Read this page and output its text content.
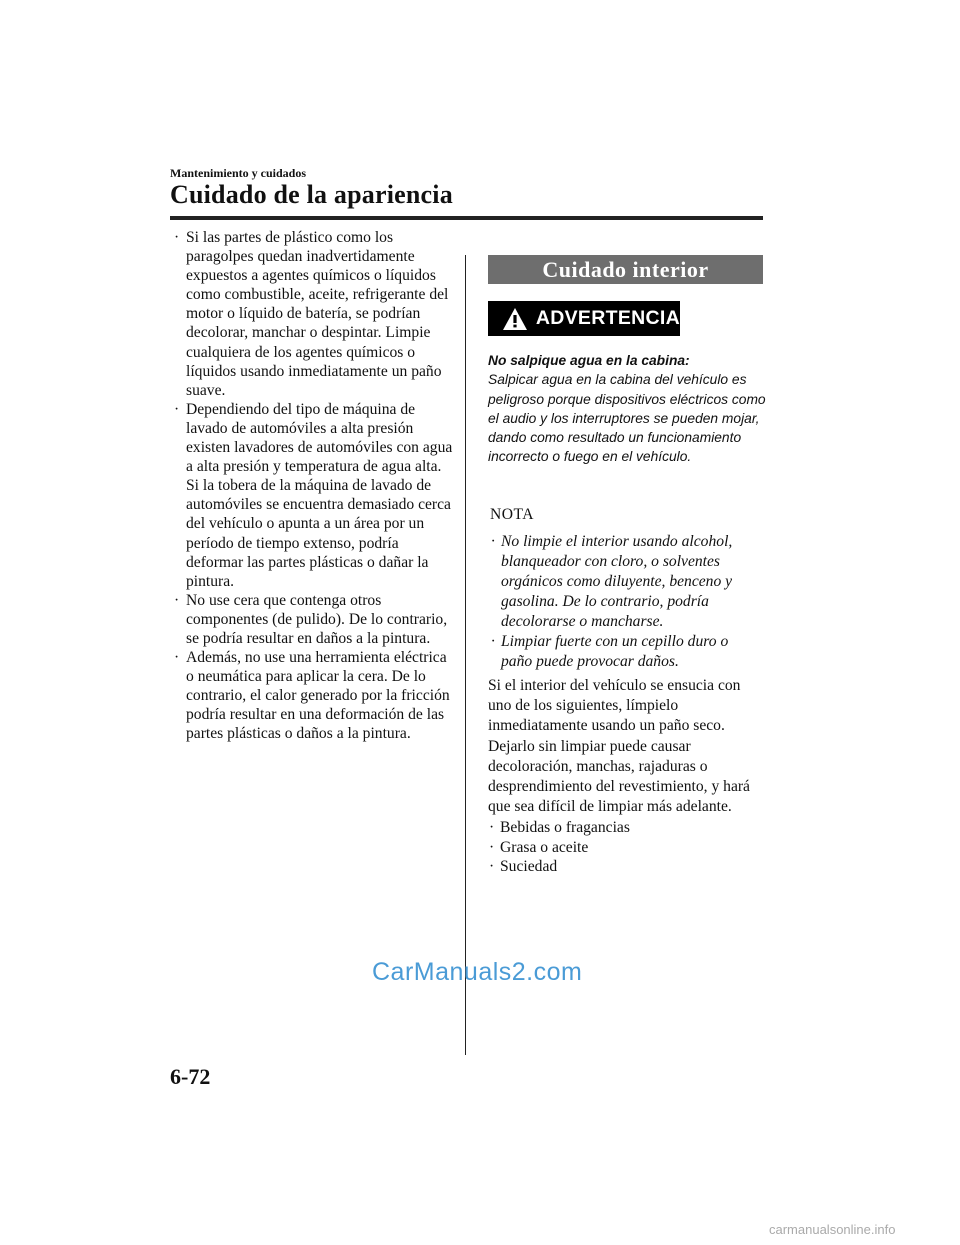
Mantenimiento y cuidados
Cuidado de la apariencia
· Si las partes de plástico como los paragolpes quedan inadvertidamente expuestos a agentes químicos o líquidos como combustible, aceite, refrigerante del motor o líquido de batería, se podrían decolorar, manchar o despintar. Limpie cualquiera de los agentes químicos o líquidos usando inmediatamente un paño suave.
· Dependiendo del tipo de máquina de lavado de automóviles a alta presión existen lavadores de automóviles con agua a alta presión y temperatura de agua alta. Si la tobera de la máquina de lavado de automóviles se encuentra demasiado cerca del vehículo o apunta a un área por un período de tiempo extenso, podría deformar las partes plásticas o dañar la pintura.
· No use cera que contenga otros componentes (de pulido). De lo contrario, se podría resultar en daños a la pintura.
· Además, no use una herramienta eléctrica o neumática para aplicar la cera. De lo contrario, el calor generado por la fricción podría resultar en una deformación de las partes plásticas o daños a la pintura.
Cuidado interior
ADVERTENCIA
No salpique agua en la cabina:
Salpicar agua en la cabina del vehículo es peligroso porque dispositivos eléctricos como el audio y los interruptores se pueden mojar, dando como resultado un funcionamiento incorrecto o fuego en el vehículo.
NOTA
· No limpie el interior usando alcohol, blanqueador con cloro, o solventes orgánicos como diluyente, benceno y gasolina. De lo contrario, podría decolorarse o mancharse.
· Limpiar fuerte con un cepillo duro o paño puede provocar daños.
Si el interior del vehículo se ensucia con uno de los siguientes, límpielo inmediatamente usando un paño seco. Dejarlo sin limpiar puede causar decoloración, manchas, rajaduras o desprendimiento del revestimiento, y hará que sea difícil de limpiar más adelante.
· Bebidas o fragancias
· Grasa o aceite
· Suciedad
CarManuals2.com
6-72
carmanualsonline.info
